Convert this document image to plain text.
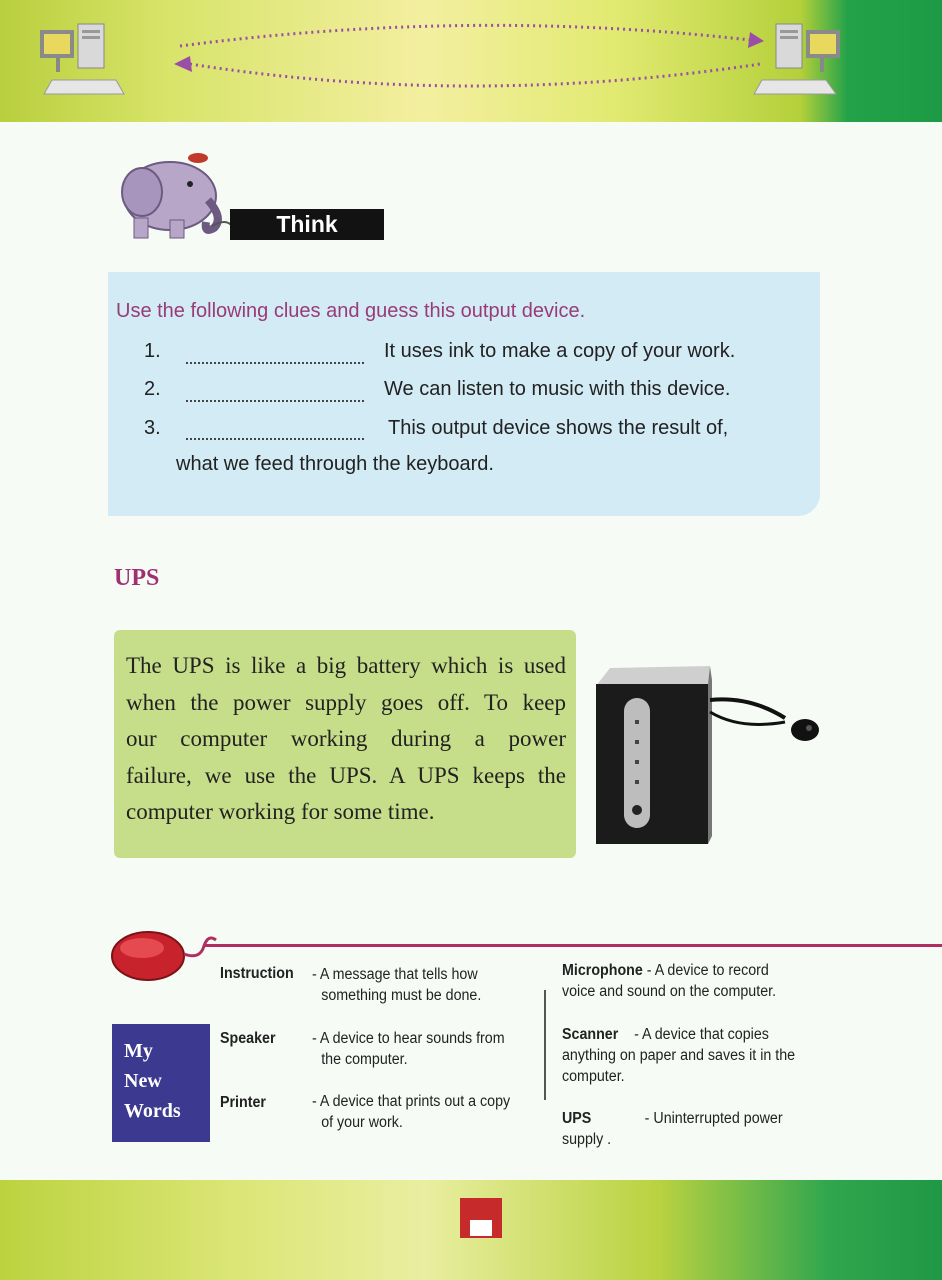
Think
Use the following clues and guess this output device.
1.	It uses ink to make a copy of your work.
2.	We can listen to music with this device.
3.	This output device shows the result of,
what we feed through the keyboard.
UPS
The UPS is like a big battery which is used
when the power supply goes off. To keep
our computer working during a power
failure, we use the UPS. A UPS keeps the
computer working for some time.
My
New
Words
Instruction - A message that tells how
something must be done.
Speaker - A device to hear sounds from
the computer.
Printer	- A device that prints out a copy
of your work.
Microphone - A device to record
voice and sound on the computer.
Scanner - A device that copies
anything on paper and saves it in the
computer.
UPS	- Uninterrupted power
supply .
